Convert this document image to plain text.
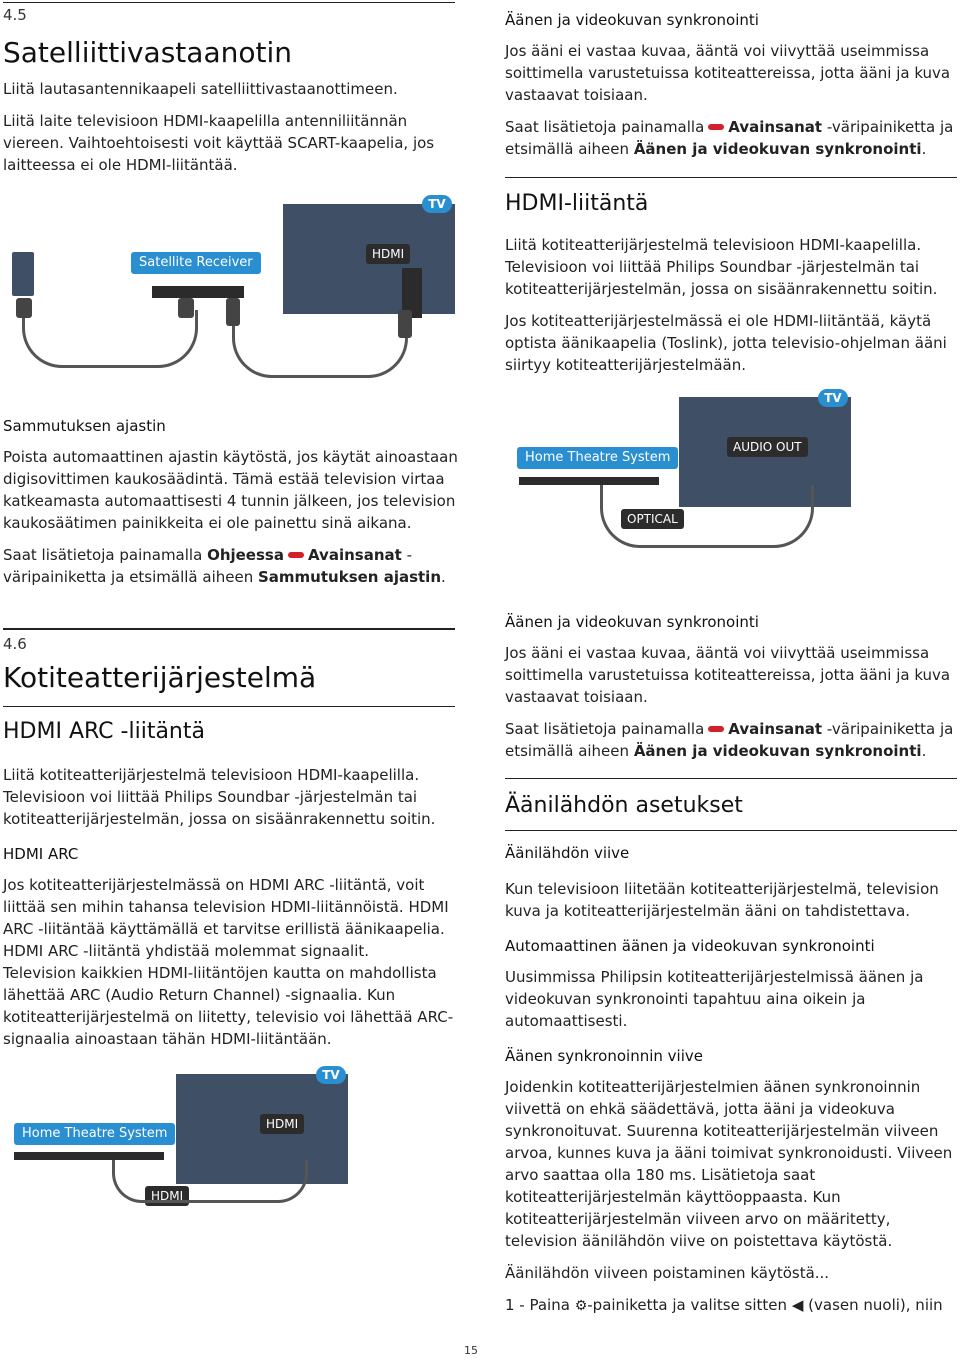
4.5
Satelliittivastaanotin

Liitä lautasantennikaapeli satelliittivastaanottimeen.

Liitä laite televisioon HDMI-kaapelilla antenniliitännän viereen. Vaihtoehtoisesti voit käyttää SCART-kaapelia, jos laitteessa ei ole HDMI-liitäntää.

TV
HDMI
Satellite Receiver
Sammutuksen ajastin

Poista automaattinen ajastin käytöstä, jos käytät ainoastaan digisovittimen kaukosäädintä. Tämä estää television virtaa katkeamasta automaattisesti 4 tunnin jälkeen, jos television kaukosäätimen painikkeita ei ole painettu sinä aikana.

Saat lisätietoja painamalla Ohjeessa Avainsanat -väripainiketta ja etsimällä aiheen Sammutuksen ajastin.

4.6
Kotiteatterijärjestelmä
HDMI ARC -liitäntä

Liitä kotiteatterijärjestelmä televisioon HDMI-kaapelilla. Televisioon voi liittää Philips Soundbar -järjestelmän tai kotiteatterijärjestelmän, jossa on sisäänrakennettu soitin.

HDMI ARC

Jos kotiteatterijärjestelmässä on HDMI ARC -liitäntä, voit liittää sen mihin tahansa television HDMI-liitännöistä. HDMI ARC -liitäntää käyttämällä et tarvitse erillistä äänikaapelia. HDMI ARC -liitäntä yhdistää molemmat signaalit.

Television kaikkien HDMI-liitäntöjen kautta on mahdollista lähettää ARC (Audio Return Channel) -signaalia. Kun kotiteatterijärjestelmä on liitetty, televisio voi lähettää ARC-signaalia ainoastaan tähän HDMI-liitäntään.

TV
HDMI
Home Theatre System
HDMI
Äänen ja videokuvan synkronointi

Jos ääni ei vastaa kuvaa, ääntä voi viivyttää useimmissa soittimella varustetuissa kotiteattereissa, jotta ääni ja kuva vastaavat toisiaan.

Saat lisätietoja painamalla Avainsanat -väripainiketta ja etsimällä aiheen Äänen ja videokuvan synkronointi.

HDMI-liitäntä

Liitä kotiteatterijärjestelmä televisioon HDMI-kaapelilla. Televisioon voi liittää Philips Soundbar -järjestelmän tai kotiteatterijärjestelmän, jossa on sisäänrakennettu soitin.

Jos kotiteatterijärjestelmässä ei ole HDMI-liitäntää, käytä optista äänikaapelia (Toslink), jotta televisio-ohjelman ääni siirtyy kotiteatterijärjestelmään.

TV
AUDIO OUT
Home Theatre System
OPTICAL
Äänen ja videokuvan synkronointi

Jos ääni ei vastaa kuvaa, ääntä voi viivyttää useimmissa soittimella varustetuissa kotiteattereissa, jotta ääni ja kuva vastaavat toisiaan.

Saat lisätietoja painamalla Avainsanat -väripainiketta ja etsimällä aiheen Äänen ja videokuvan synkronointi.

Äänilähdön asetukset
Äänilähdön viive

Kun televisioon liitetään kotiteatterijärjestelmä, television kuva ja kotiteatterijärjestelmän ääni on tahdistettava.

Automaattinen äänen ja videokuvan synkronointi

Uusimmissa Philipsin kotiteatterijärjestelmissä äänen ja videokuvan synkronointi tapahtuu aina oikein ja automaattisesti.

Äänen synkronoinnin viive

Joidenkin kotiteatterijärjestelmien äänen synkronoinnin viivettä on ehkä säädettävä, jotta ääni ja videokuva synkronoituvat. Suurenna kotiteatterijärjestelmän viiveen arvoa, kunnes kuva ja ääni toimivat synkronoidusti. Viiveen arvo saattaa olla 180 ms. Lisätietoja saat kotiteatterijärjestelmän käyttöoppaasta. Kun kotiteatterijärjestelmän viiveen arvo on määritetty, television äänilähdön viive on poistettava käytöstä.

Äänilähdön viiveen poistaminen käytöstä...

1 - Paina ⚙-painiketta ja valitse sitten ◀ (vasen nuoli), niin

15
